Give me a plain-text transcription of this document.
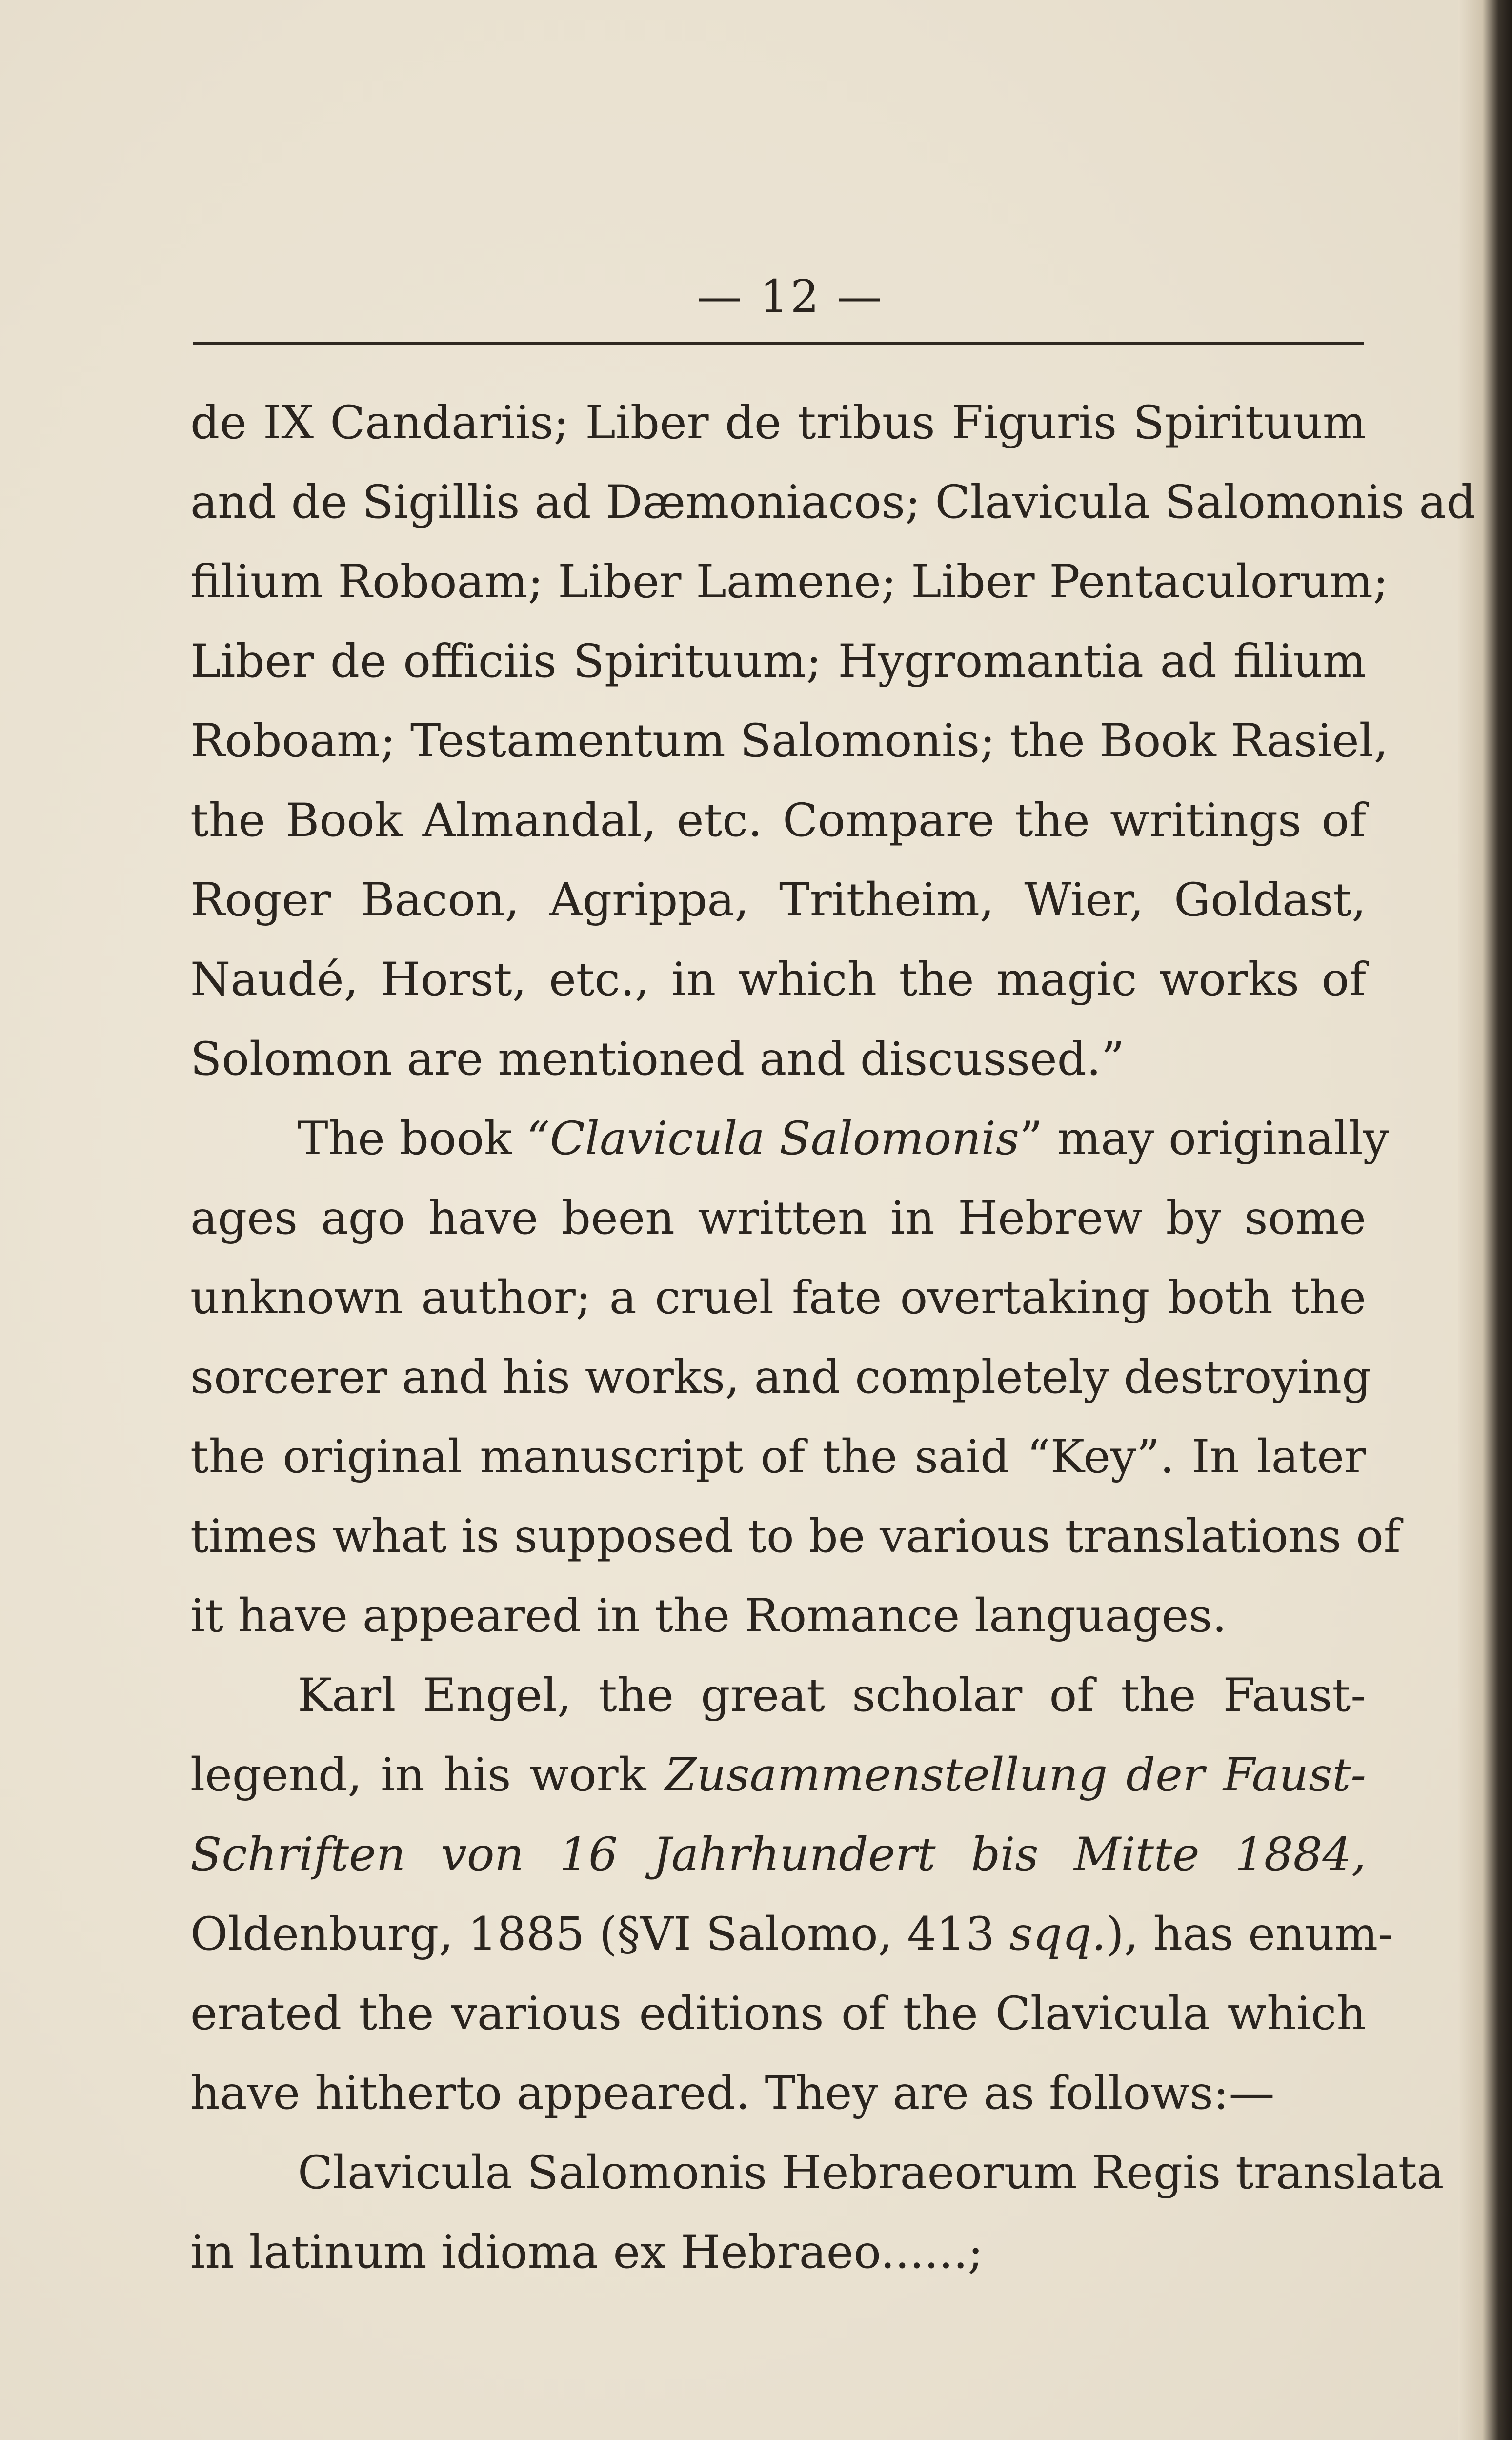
— 12 —
de IX Candariis; Liber de tribus Figuris Spirituum
and de Sigillis ad Dæmoniacos; Clavicula Salomonis ad
filium Roboam; Liber Lamene; Liber Pentaculorum;
Liber de officiis Spirituum; Hygromantia ad filium
Roboam; Testamentum Salomonis; the Book Rasiel,
the Book Almandal, etc. Compare the writings of
Roger Bacon, Agrippa, Tritheim, Wier, Goldast,
Naudé, Horst, etc., in which the magic works of
Solomon are mentioned and discussed.”
The book “Clavicula Salomonis” may originally
ages ago have been written in Hebrew by some
unknown author; a cruel fate overtaking both the
sorcerer and his works, and completely destroying
the original manuscript of the said “Key”. In later
times what is supposed to be various translations of
it have appeared in the Romance languages.
Karl Engel, the great scholar of the Faust-
legend, in his work Zusammenstellung der Faust-
Schriften von 16 Jahrhundert bis Mitte 1884,
Oldenburg, 1885 (§VI Salomo, 413 sqq.), has enum-
erated the various editions of the Clavicula which
have hitherto appeared. They are as follows:—
Clavicula Salomonis Hebraeorum Regis translata
in latinum idioma ex Hebraeo......;
